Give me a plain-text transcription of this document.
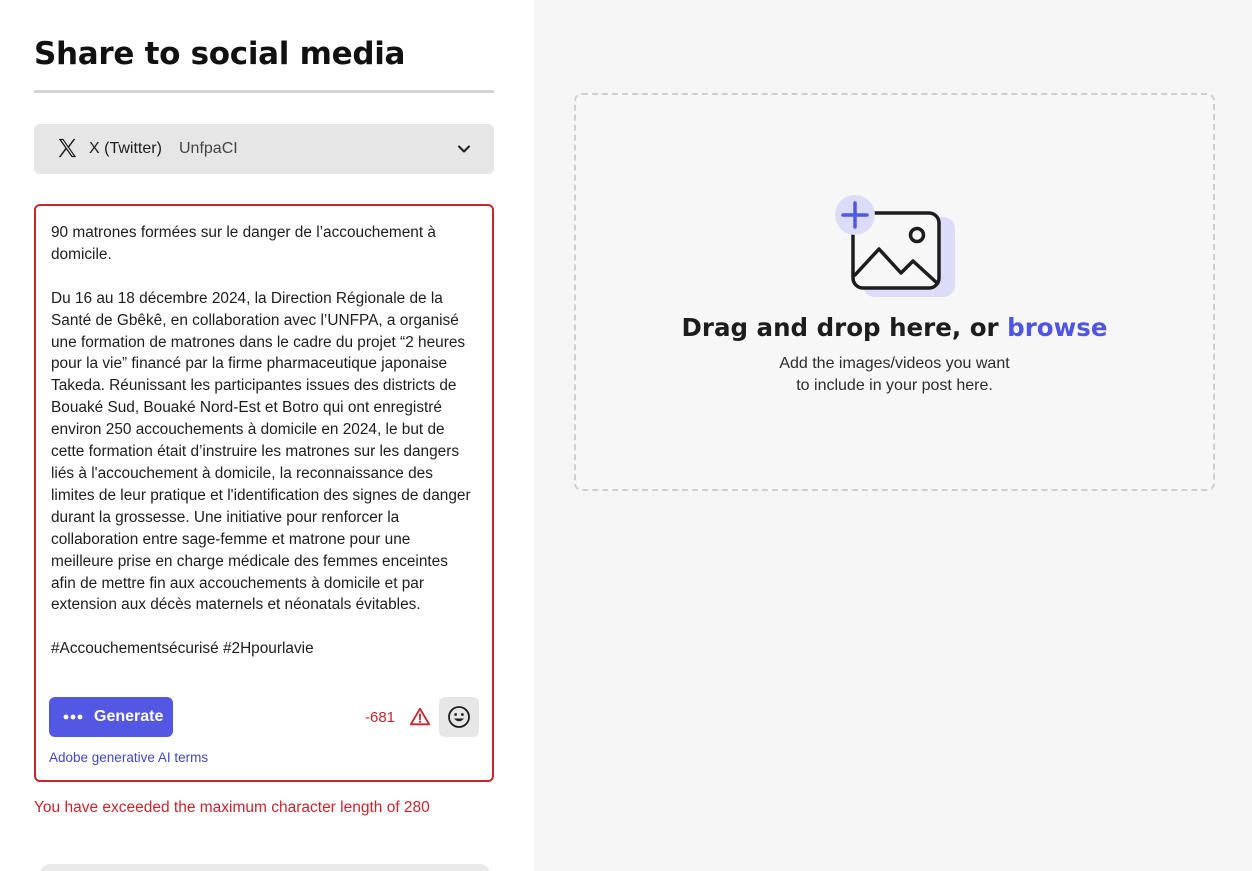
Share to social media
X (Twitter) UnfpaCI
90 matrones formées sur le danger de l’accouchement à domicile.

Du 16 au 18 décembre 2024, la Direction Régionale de la Santé de Gbêkê, en collaboration avec l’UNFPA, a organisé une formation de matrones dans le cadre du projet “2 heures pour la vie” financé par la firme pharmaceutique japonaise Takeda. Réunissant les participantes issues des districts de Bouaké Sud, Bouaké Nord-Est et Botro qui ont enregistré environ 250 accouchements à domicile en 2024, le but de cette formation était d’instruire les matrones sur les dangers liés à l'accouchement à domicile, la reconnaissance des limites de leur pratique et l'identification des signes de danger durant la grossesse. Une initiative pour renforcer la collaboration entre sage-femme et matrone pour une meilleure prise en charge médicale des femmes enceintes afin de mettre fin aux accouchements à domicile et par extension aux décès maternels et néonatals évitables.

#Accouchementsécurisé #2Hpourlavie
Generate	-681
Adobe generative AI terms

You have exceeded the maximum character length of 280

Drag and drop here, or browse
Add the images/videos you want
to include in your post here.
